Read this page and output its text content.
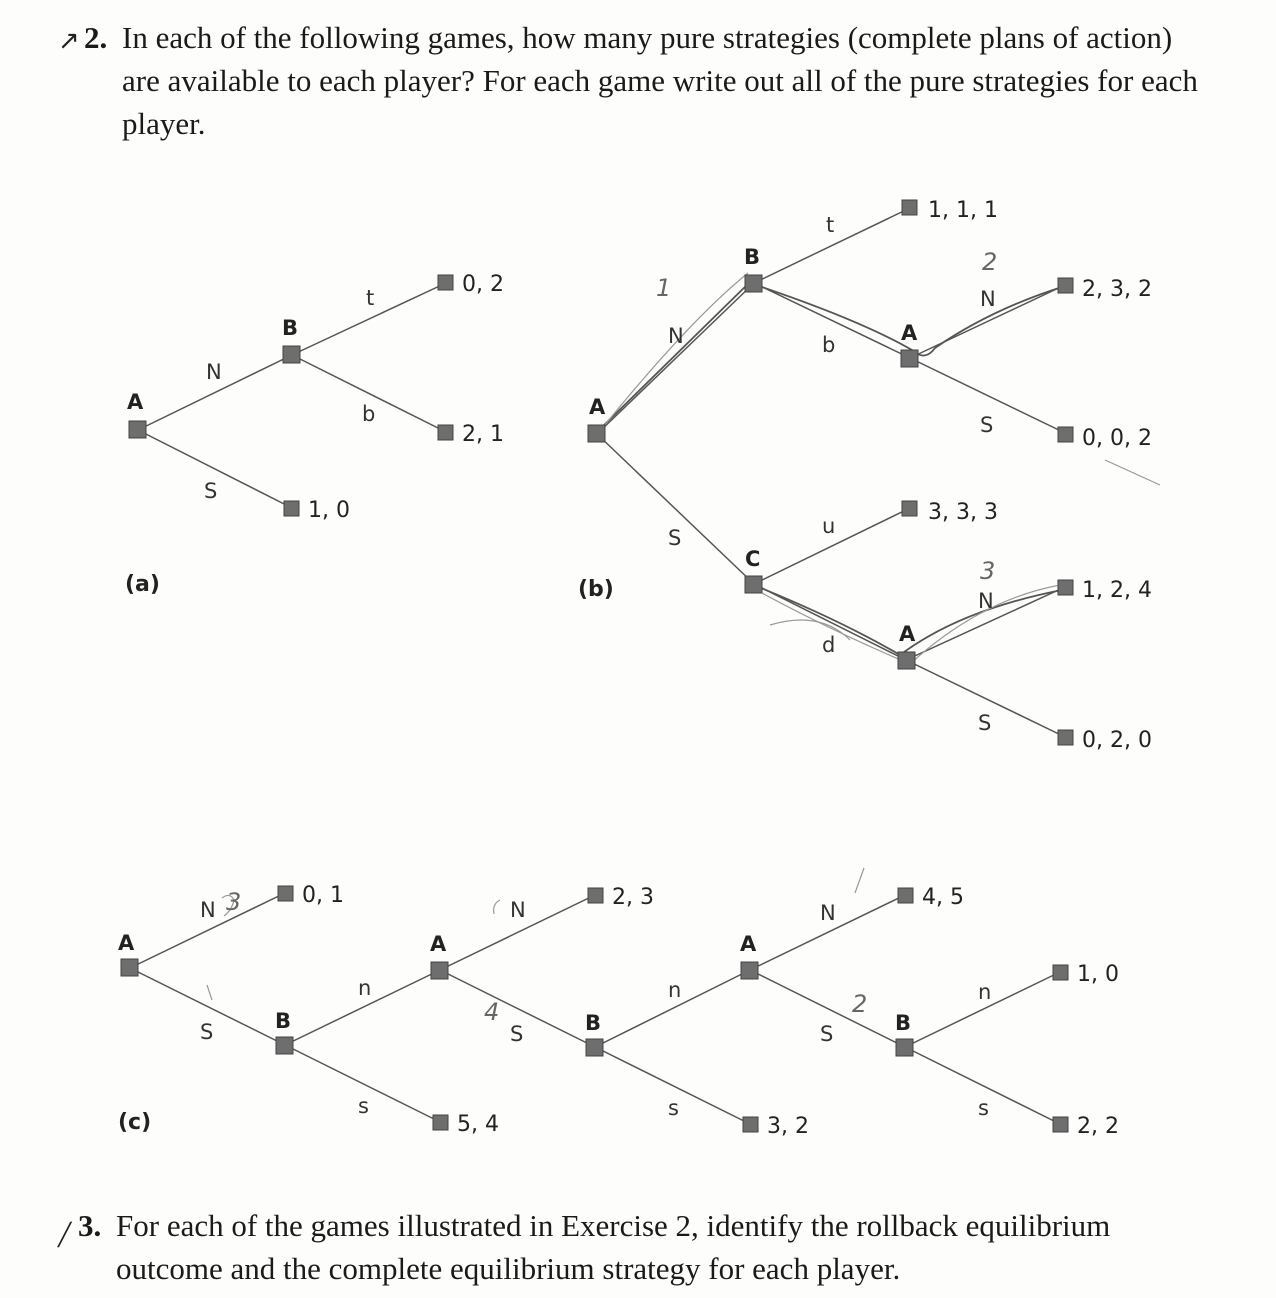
↗ 2. In each of the following games, how many pure strategies (complete plans of action) are available to each player? For each game write out all of the pure strategies for each player.
A
B
N
S
t
b
0, 2
2, 1
1, 0
(a)
1
2
3
A
B
C
A
A
N
S
t
b
u
d
N
S
N
S
1, 1, 1
2, 3, 2
0, 0, 2
3, 3, 3
1, 2, 4
0, 2, 0
(b)
3
4	2
A
B
A
B
A
B
N
S
n
s
N
S
n
s
N
S
n
s
0, 1
5, 4
2, 3
3, 2
4, 5
1, 0
2, 2
(c)
╱ 3. For each of the games illustrated in Exercise 2, identify the rollback equilibrium outcome and the complete equilibrium strategy for each player.
